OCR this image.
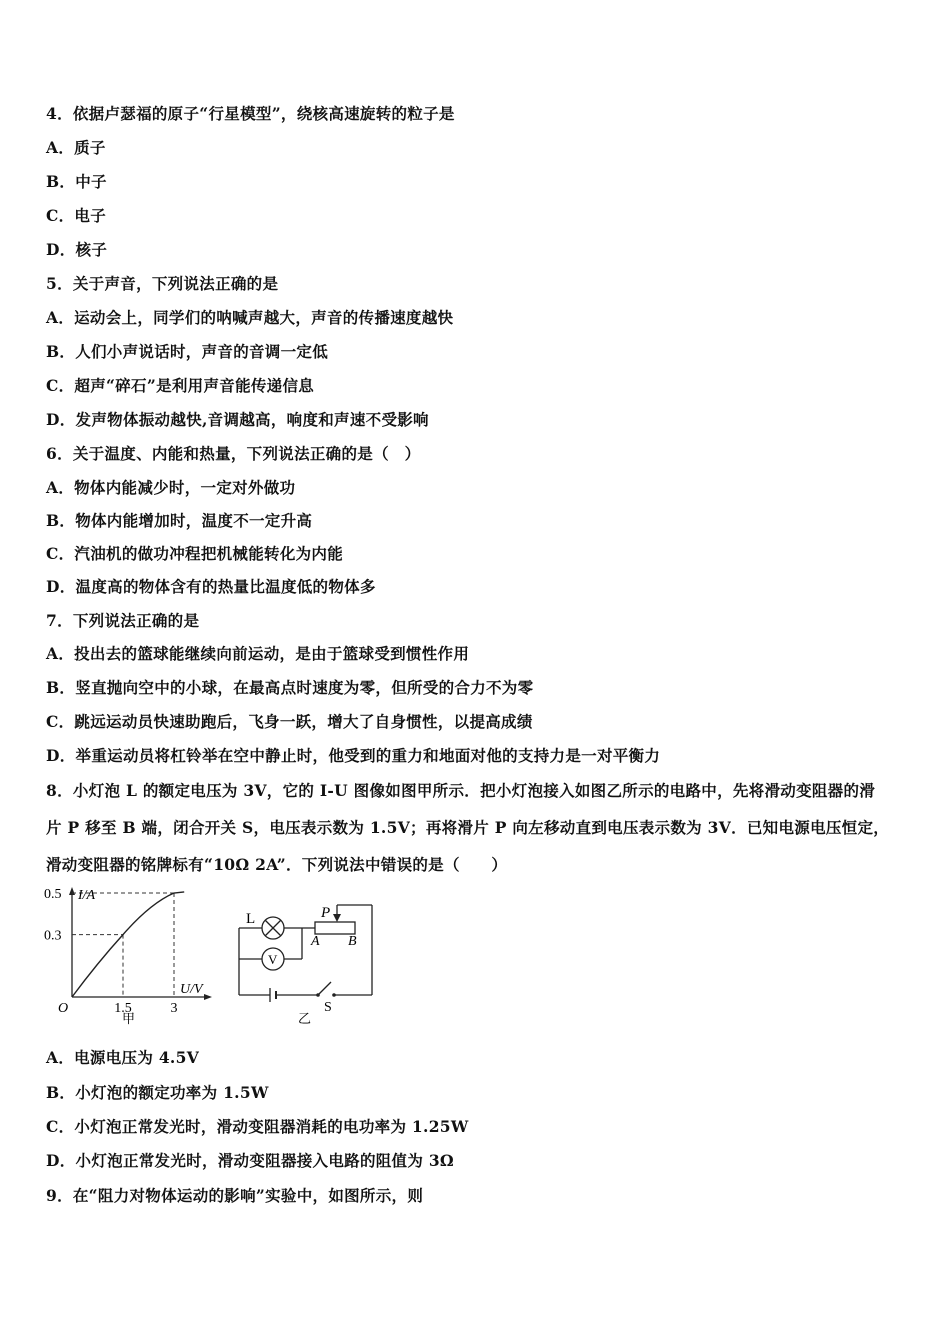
4．依据卢瑟福的原子“行星模型”，绕核高速旋转的粒子是
A．质子
B．中子
C．电子
D．核子
5．关于声音，下列说法正确的是
A．运动会上，同学们的呐喊声越大，声音的传播速度越快
B．人们小声说话时，声音的音调一定低
C．超声“碎石”是利用声音能传递信息
D．发声物体振动越快,音调越高，响度和声速不受影响
6．关于温度、内能和热量，下列说法正确的是（　）
A．物体内能减少时，一定对外做功
B．物体内能增加时，温度不一定升高
C．汽油机的做功冲程把机械能转化为内能
D．温度高的物体含有的热量比温度低的物体多
7．下列说法正确的是
A．投出去的篮球能继续向前运动，是由于篮球受到惯性作用
B．竖直抛向空中的小球，在最高点时速度为零，但所受的合力不为零
C．跳远运动员快速助跑后，飞身一跃，增大了自身惯性，以提高成绩
D．举重运动员将杠铃举在空中静止时，他受到的重力和地面对他的支持力是一对平衡力
8．小灯泡 L 的额定电压为 3V，它的 I-U 图像如图甲所示．把小灯泡接入如图乙所示的电路中，先将滑动变阻器的滑
片 P 移至 B 端，闭合开关 S，电压表示数为 1.5V；再将滑片 P 向左移动直到电压表示数为 3V．已知电源电压恒定，
滑动变阻器的铭牌标有“10Ω 2A”．下列说法中错误的是（　　）
I/A
U/V
O
0.5
0.3
1.5	3
甲
L
V
P
A B
S
乙
A．电源电压为 4.5V
B．小灯泡的额定功率为 1.5W
C．小灯泡正常发光时，滑动变阻器消耗的电功率为 1.25W
D．小灯泡正常发光时，滑动变阻器接入电路的阻值为 3Ω
9．在“阻力对物体运动的影响”实验中，如图所示，则
